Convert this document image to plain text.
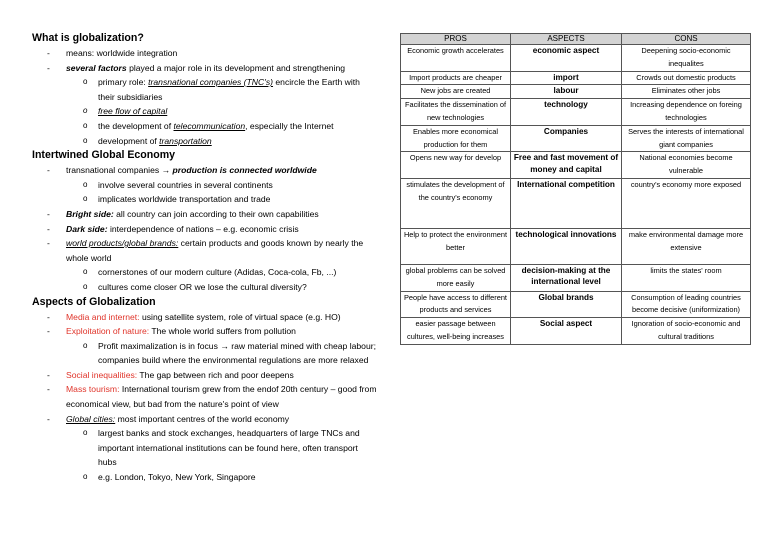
What is globalization?

- means: worldwide integration
- several factors played a major role in its development and strengthening
o primary role: transnational companies (TNC's) encircle the Earth with their subsidiaries
o free flow of capital
o the development of telecommunication, especially the Internet
o development of transportation

Intertwined Global Economy

- transnational companies → production is connected worldwide
o involve several countries in several continents
o implicates worldwide transportation and trade
- Bright side: all country can join according to their own capabilities
- Dark side: interdependence of nations – e.g. economic crisis
- world products/global brands: certain products and goods known by nearly the whole world
o cornerstones of our modern culture (Adidas, Coca-cola, Fb, ...)
o cultures come closer OR we lose the cultural diversity?

Aspects of Globalization

- Media and internet: using satellite system, role of virtual space (e.g. HO)
- Exploitation of nature: The whole world suffers from pollution
o Profit maximalization is in focus → raw material mined with cheap labour; companies build where the environmental regulations are more relaxed
- Social inequalities: The gap between rich and poor deepens
- Mass tourism: International tourism grew from the endof 20th century – good from economical view, but bad from the nature's point of view
- Global cities: most important centres of the world economy
o largest banks and stock exchanges, headquarters of large TNCs and important international institutions can be found here, often transport hubs
o e.g. London, Tokyo, New York, Singapore
PROS	ASPECTS	CONS
Economic growth accelerates	economic aspect	Deepening socio-economic inequalites
Import products are cheaper	import	Crowds out domestic products
New jobs are created	labour	Eliminates other jobs
Facilitates the dissemination of new technologies	technology	Increasing dependence on foreing technologies
Enables more economical production for them	Companies	Serves the interests of international giant companies
Opens new way for develop	Free and fast movement of money and capital	National economies become vulnerable
stimulates the development of the country's economy	International competition	country's economy more exposed
Help to protect the environment better	technological innovations	make environmental damage more extensive
global problems can be solved more easily	decision-making at the international level	limits the states' room
People have access to different products and services	Global brands	Consumption of leading countries become decisive (uniformization)
easier passage between cultures, well-being increases	Social aspect	Ignoration of socio-economic and cultural traditions
